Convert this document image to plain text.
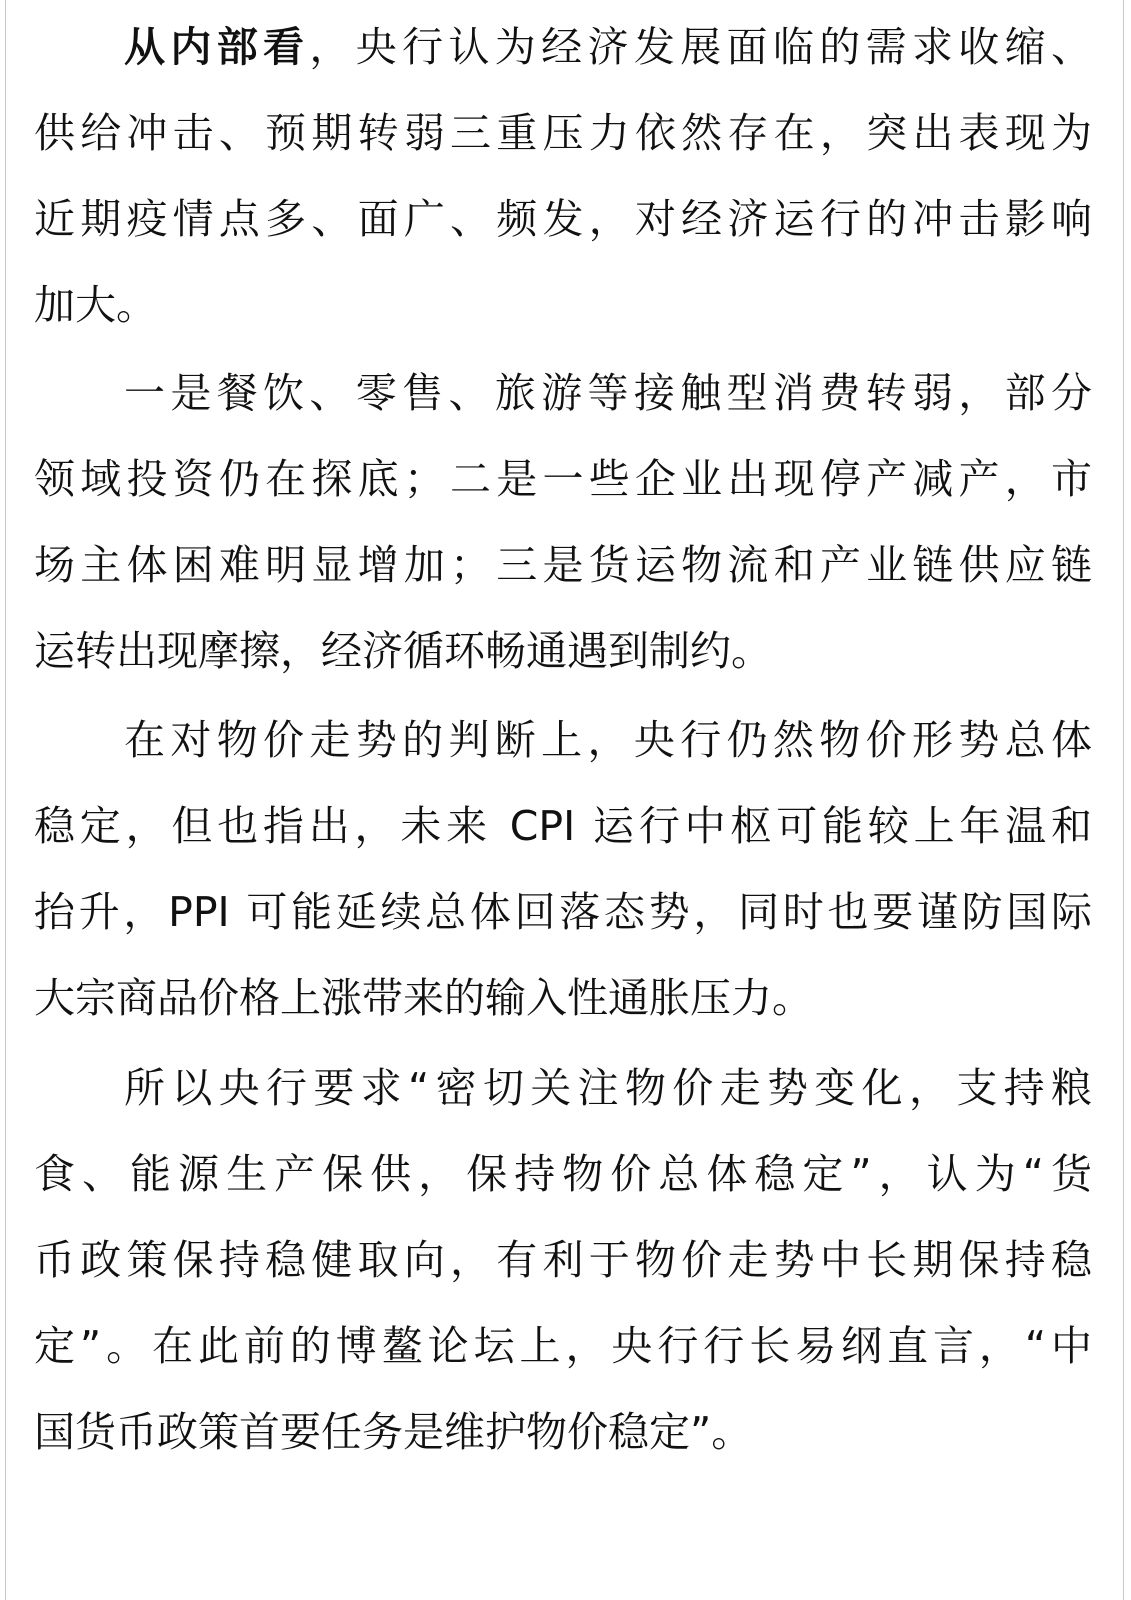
从内部看，央行认为经济发展面临的需求收缩、
供给冲击、预期转弱三重压力依然存在，突出表现为
近期疫情点多、面广、频发，对经济运行的冲击影响
加大。
一是餐饮、零售、旅游等接触型消费转弱，部分
领域投资仍在探底；二是一些企业出现停产减产，市
场主体困难明显增加；三是货运物流和产业链供应链
运转出现摩擦，经济循环畅通遇到制约。
在对物价走势的判断上，央行仍然物价形势总体
稳定，但也指出，未来 CPI 运行中枢可能较上年温和
抬升，PPI 可能延续总体回落态势，同时也要谨防国际
大宗商品价格上涨带来的输入性通胀压力。
所以央行要求“密切关注物价走势变化，支持粮
食、能源生产保供，保持物价总体稳定”，认为“货
币政策保持稳健取向，有利于物价走势中长期保持稳
定”。在此前的博鳌论坛上，央行行长易纲直言，“中
国货币政策首要任务是维护物价稳定”。
